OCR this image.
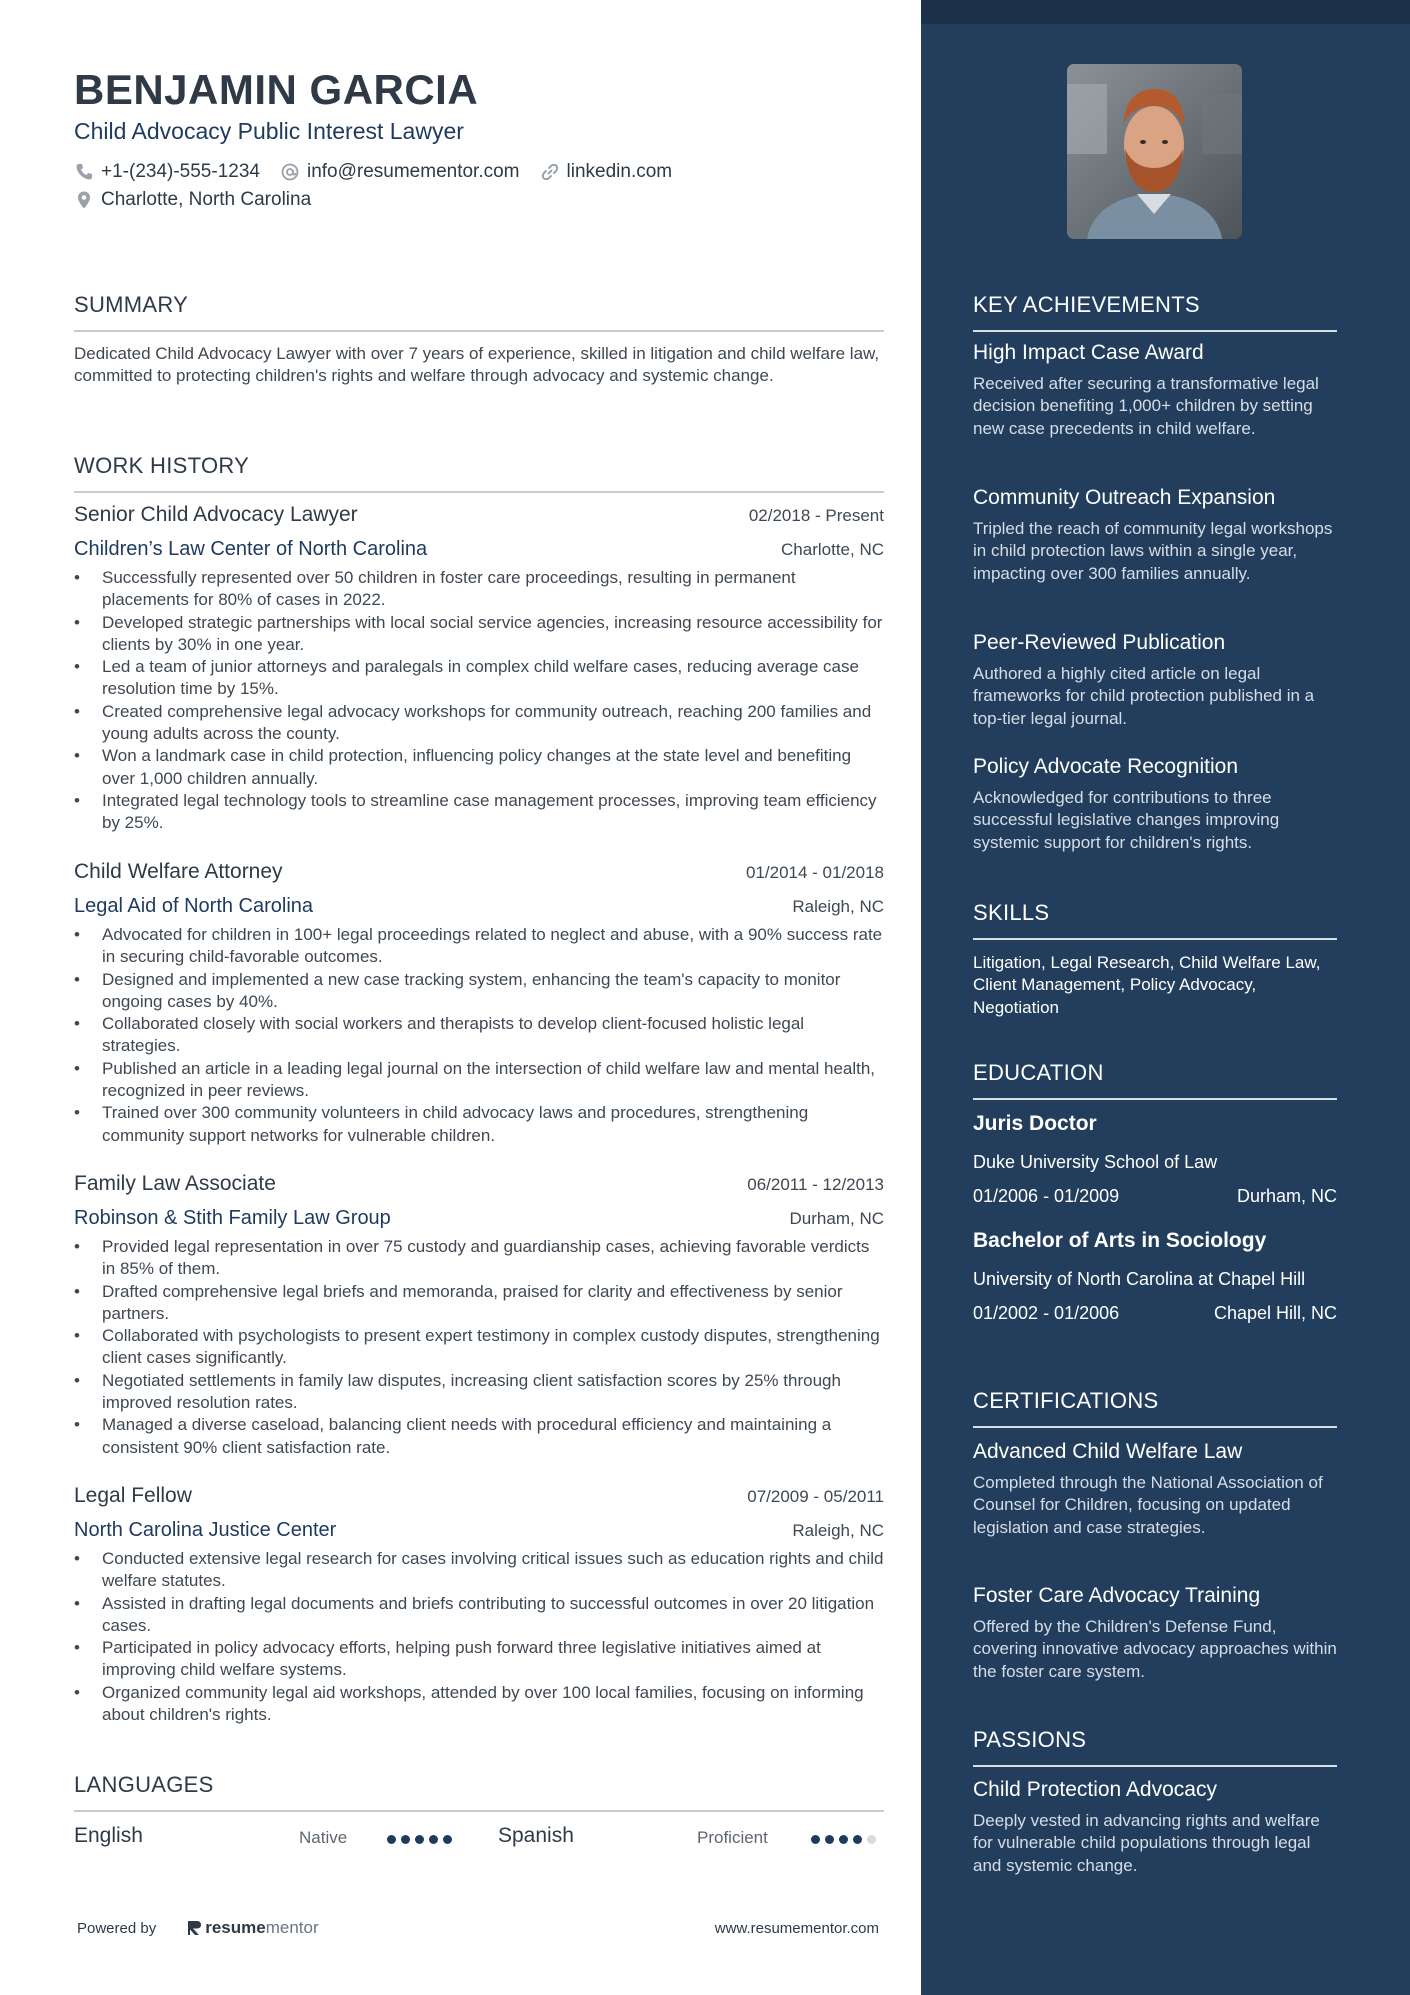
BENJAMIN GARCIA
Child Advocacy Public Interest Lawyer
+1-(234)-555-1234 info@resumementor.com linkedin.com
Charlotte, North Carolina
SUMMARY
Dedicated Child Advocacy Lawyer with over 7 years of experience, skilled in litigation and child welfare law, committed to protecting children's rights and welfare through advocacy and systemic change.
WORK HISTORY
Senior Child Advocacy Lawyer	02/2018 - Present
Children’s Law Center of North Carolina	Charlotte, NC
• Successfully represented over 50 children in foster care proceedings, resulting in permanent placements for 80% of cases in 2022.
• Developed strategic partnerships with local social service agencies, increasing resource accessibility for clients by 30% in one year.
• Led a team of junior attorneys and paralegals in complex child welfare cases, reducing average case resolution time by 15%.
• Created comprehensive legal advocacy workshops for community outreach, reaching 200 families and young adults across the county.
• Won a landmark case in child protection, influencing policy changes at the state level and benefiting over 1,000 children annually.
• Integrated legal technology tools to streamline case management processes, improving team efficiency by 25%.
Child Welfare Attorney	01/2014 - 01/2018
Legal Aid of North Carolina	Raleigh, NC
• Advocated for children in 100+ legal proceedings related to neglect and abuse, with a 90% success rate in securing child-favorable outcomes.
• Designed and implemented a new case tracking system, enhancing the team's capacity to monitor ongoing cases by 40%.
• Collaborated closely with social workers and therapists to develop client-focused holistic legal strategies.
• Published an article in a leading legal journal on the intersection of child welfare law and mental health, recognized in peer reviews.
• Trained over 300 community volunteers in child advocacy laws and procedures, strengthening community support networks for vulnerable children.
Family Law Associate	06/2011 - 12/2013
Robinson & Stith Family Law Group	Durham, NC
• Provided legal representation in over 75 custody and guardianship cases, achieving favorable verdicts in 85% of them.
• Drafted comprehensive legal briefs and memoranda, praised for clarity and effectiveness by senior partners.
• Collaborated with psychologists to present expert testimony in complex custody disputes, strengthening client cases significantly.
• Negotiated settlements in family law disputes, increasing client satisfaction scores by 25% through improved resolution rates.
• Managed a diverse caseload, balancing client needs with procedural efficiency and maintaining a consistent 90% client satisfaction rate.
Legal Fellow	07/2009 - 05/2011
North Carolina Justice Center	Raleigh, NC
• Conducted extensive legal research for cases involving critical issues such as education rights and child welfare statutes.
• Assisted in drafting legal documents and briefs contributing to successful outcomes in over 20 litigation cases.
• Participated in policy advocacy efforts, helping push forward three legislative initiatives aimed at improving child welfare systems.
• Organized community legal aid workshops, attended by over 100 local families, focusing on informing about children's rights.
LANGUAGES
English	Native	Spanish	Proficient
Powered by	resume mentor	www.resumementor.com
KEY ACHIEVEMENTS
High Impact Case Award
Received after securing a transformative legal decision benefiting 1,000+ children by setting new case precedents in child welfare.
Community Outreach Expansion
Tripled the reach of community legal workshops in child protection laws within a single year, impacting over 300 families annually.
Peer-Reviewed Publication
Authored a highly cited article on legal frameworks for child protection published in a top-tier legal journal.
Policy Advocate Recognition
Acknowledged for contributions to three successful legislative changes improving systemic support for children's rights.
SKILLS
Litigation, Legal Research, Child Welfare Law, Client Management, Policy Advocacy, Negotiation
EDUCATION
Juris Doctor
Duke University School of Law
01/2006 - 01/2009	Durham, NC
Bachelor of Arts in Sociology
University of North Carolina at Chapel Hill
01/2002 - 01/2006	Chapel Hill, NC
CERTIFICATIONS
Advanced Child Welfare Law
Completed through the National Association of Counsel for Children, focusing on updated legislation and case strategies.
Foster Care Advocacy Training
Offered by the Children's Defense Fund, covering innovative advocacy approaches within the foster care system.
PASSIONS
Child Protection Advocacy
Deeply vested in advancing rights and welfare for vulnerable child populations through legal and systemic change.
